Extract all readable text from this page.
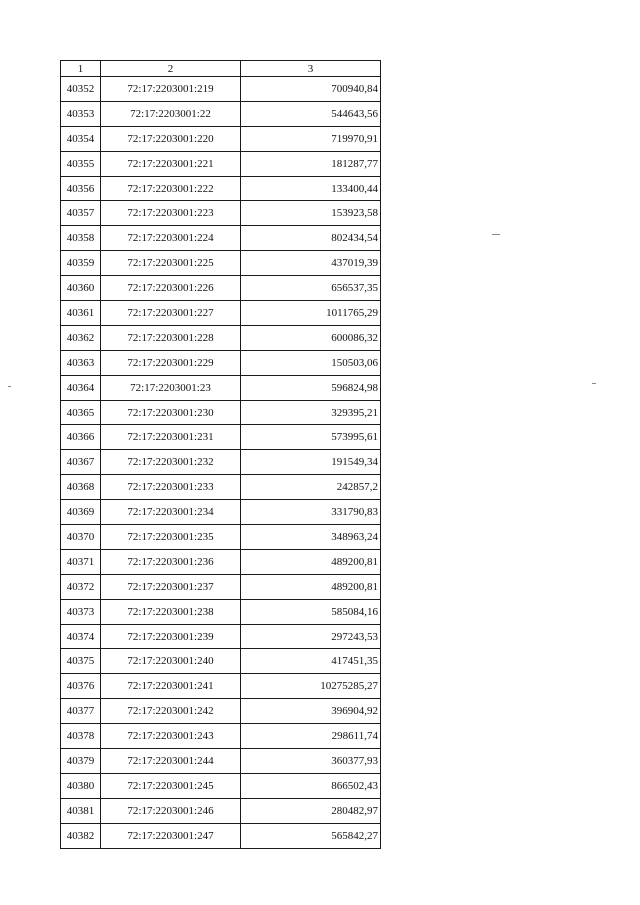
1	2	3
40352	72:17:2203001:219	700940,84
40353	72:17:2203001:22	544643,56
40354	72:17:2203001:220	719970,91
40355	72:17:2203001:221	181287,77
40356	72:17:2203001:222	133400,44
40357	72:17:2203001:223	153923,58
40358	72:17:2203001:224	802434,54
40359	72:17:2203001:225	437019,39
40360	72:17:2203001:226	656537,35
40361	72:17:2203001:227	1011765,29
40362	72:17:2203001:228	600086,32
40363	72:17:2203001:229	150503,06
40364	72:17:2203001:23	596824,98
40365	72:17:2203001:230	329395,21
40366	72:17:2203001:231	573995,61
40367	72:17:2203001:232	191549,34
40368	72:17:2203001:233	242857,2
40369	72:17:2203001:234	331790,83
40370	72:17:2203001:235	348963,24
40371	72:17:2203001:236	489200,81
40372	72:17:2203001:237	489200,81
40373	72:17:2203001:238	585084,16
40374	72:17:2203001:239	297243,53
40375	72:17:2203001:240	417451,35
40376	72:17:2203001:241	10275285,27
40377	72:17:2203001:242	396904,92
40378	72:17:2203001:243	298611,74
40379	72:17:2203001:244	360377,93
40380	72:17:2203001:245	866502,43
40381	72:17:2203001:246	280482,97
40382	72:17:2203001:247	565842,27
